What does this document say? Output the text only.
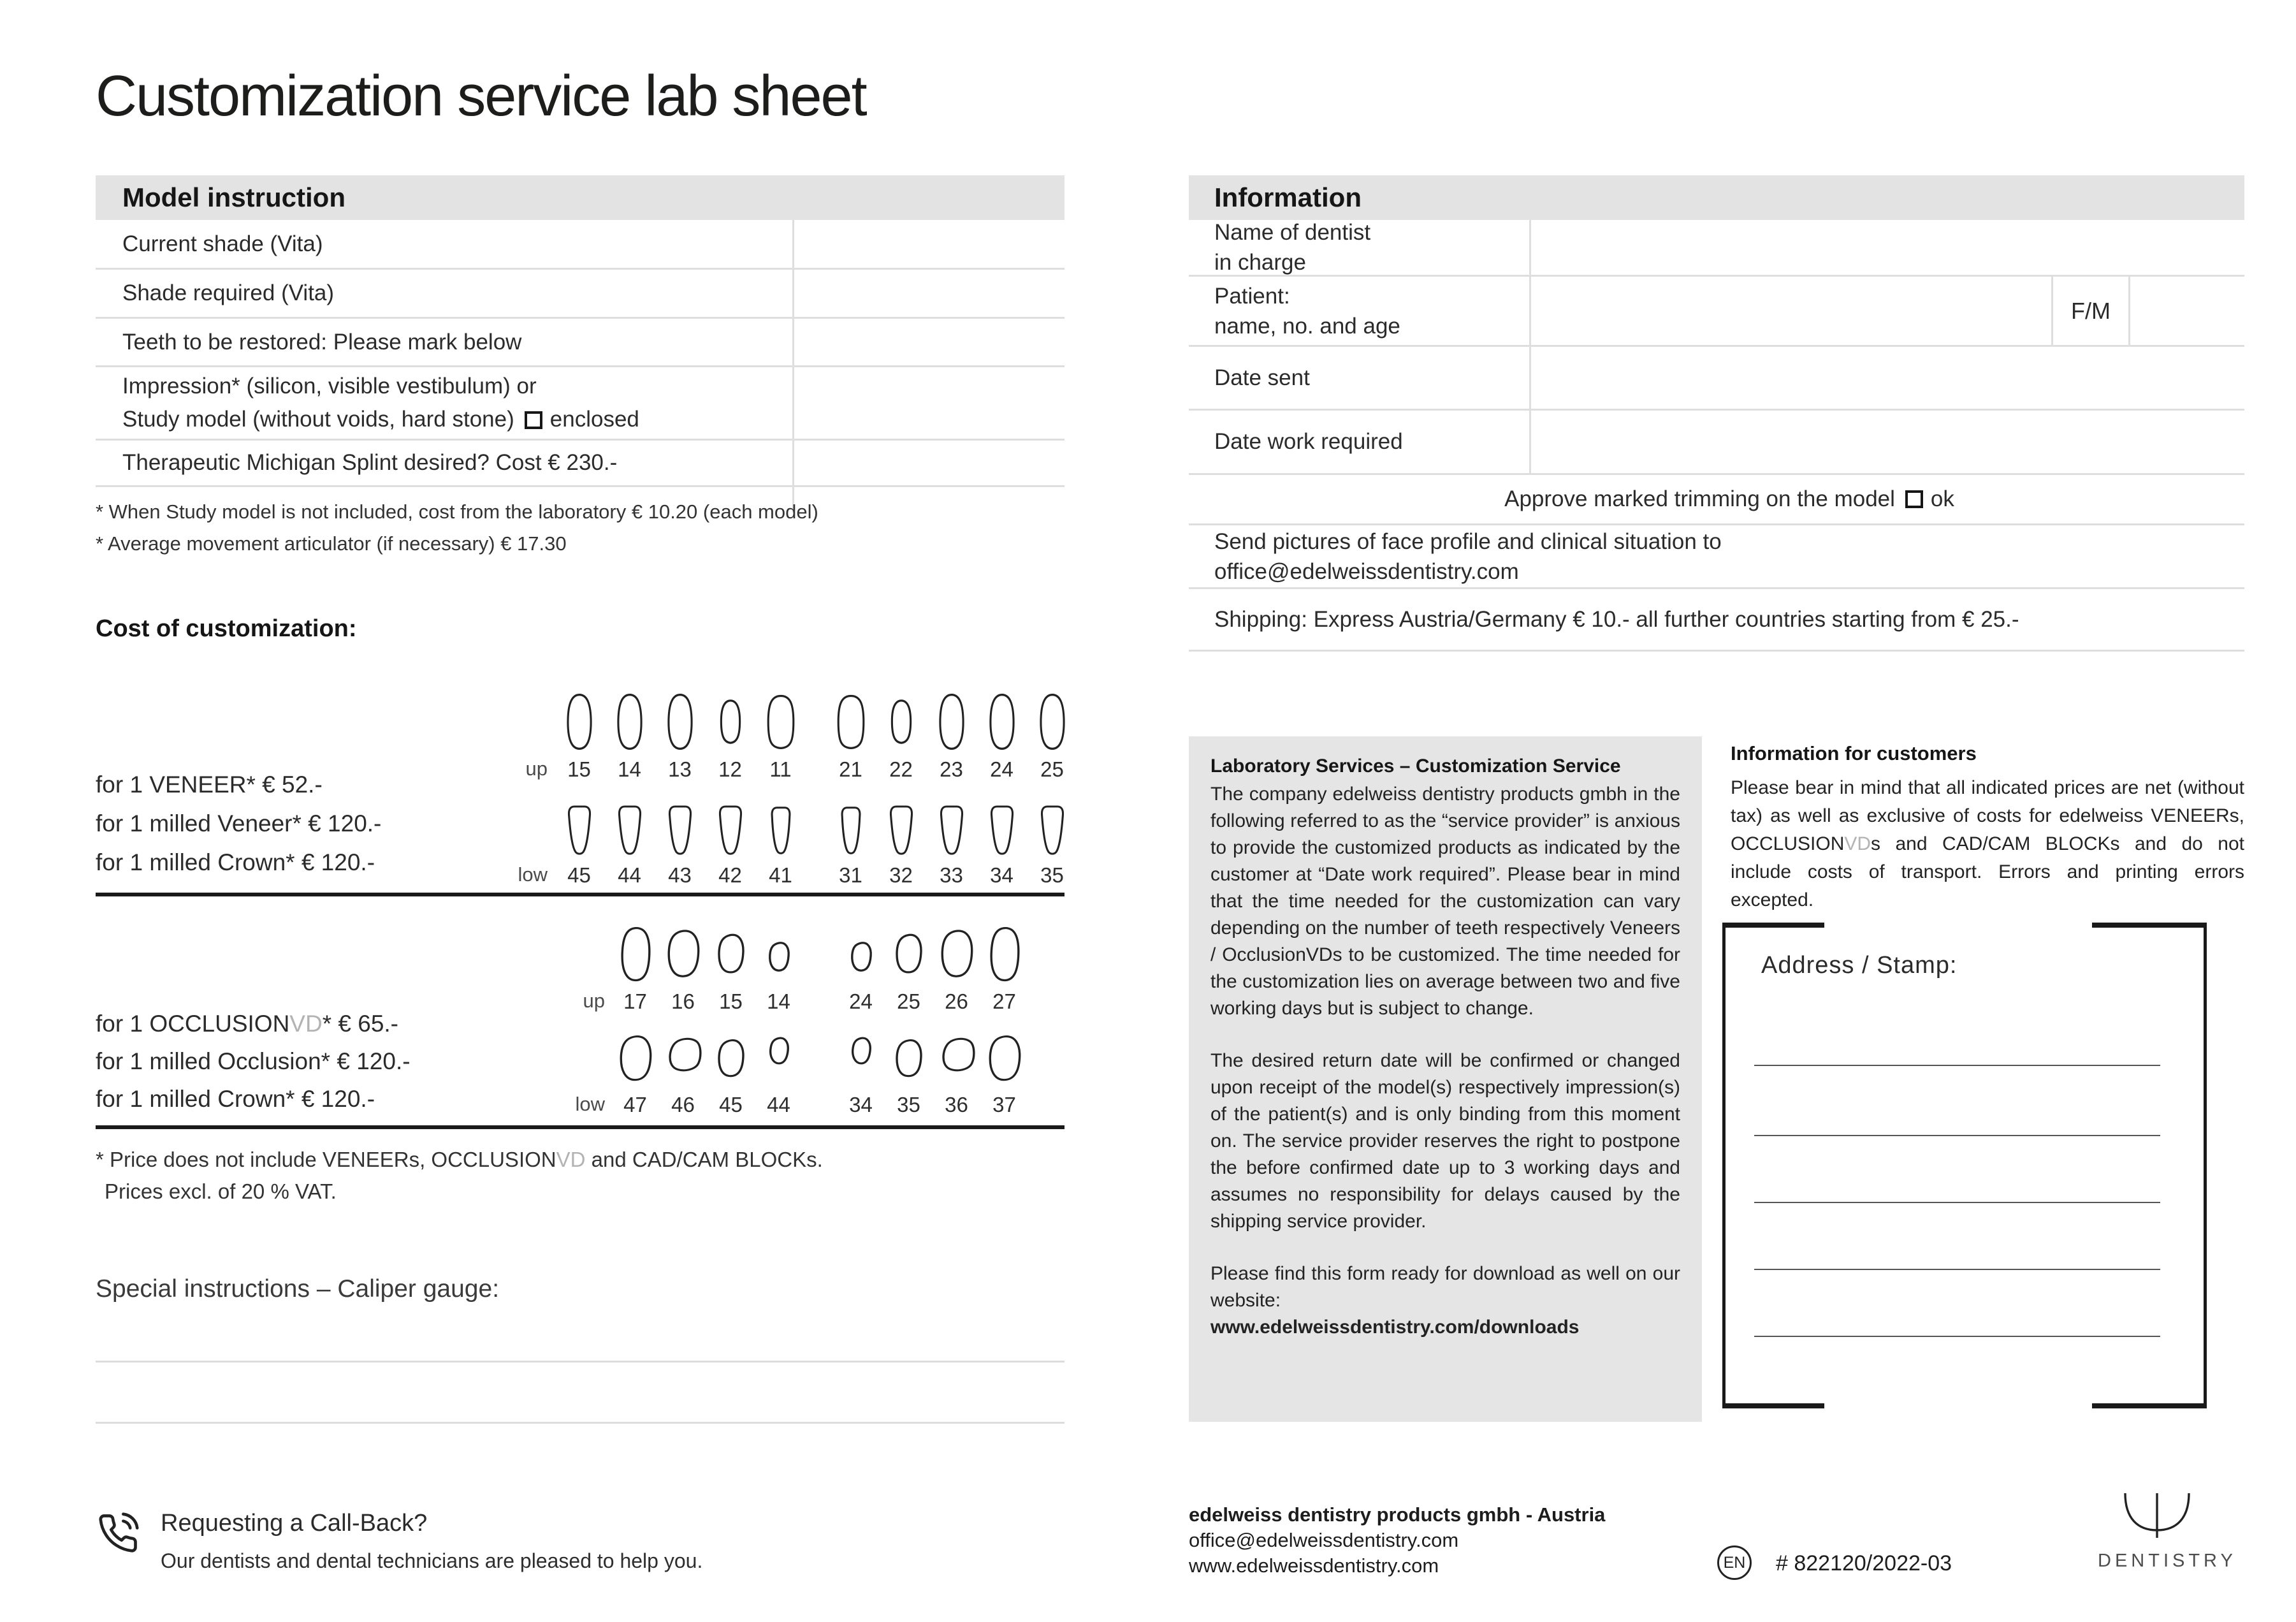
Customization service lab sheet
Model instruction
Current shade (Vita)
Shade required (Vita)
Teeth to be restored: Please mark below
Impression* (silicon, visible vestibulum) or
Study model (without voids, hard stone) enclosed
Therapeutic Michigan Splint desired? Cost € 230.-
* When Study model is not included, cost from the laboratory € 10.20 (each model)
* Average movement articulator (if necessary) € 17.30
Cost of customization:
up 15 14 13 12 11 21 22 23 24 25
low 45 44 43 42 41 31 32 33 34 35
for 1 VENEER* € 52.-
for 1 milled Veneer* € 120.-
for 1 milled Crown* € 120.-
up 17 16 15 14	24 25 26 27
low 47 46 45 44	34 35 36 37
for 1 OCCLUSION VD * € 65.-
for 1 milled Occlusion* € 120.-
for 1 milled Crown* € 120.-
* Price does not include VENEERs, OCCLUSIONVD and CAD/CAM BLOCKs.
Prices excl. of 20 % VAT.
Special instructions – Caliper gauge:
Requesting a Call-Back?
Our dentists and dental technicians are pleased to help you.
Information
Name of dentist
in charge
Patient:
name, no. and age
F/M
Date sent
Date work required
Approve marked trimming on the model ok
Send pictures of face profile and clinical situation to
office@edelweissdentistry.com
Shipping: Express Austria/Germany € 10.- all further countries starting from € 25.-
Laboratory Services – Customization Service

The company edelweiss dentistry products gmbh in the following referred to as the “service provider” is anxious to provide the customized products as indicated by the customer at “Date work required”. Please bear in mind that the time needed for the customization can vary depending on the number of teeth respectively Veneers / OcclusionVDs to be customized. The time needed for the customization lies on average between two and five working days but is subject to change.

The desired return date will be confirmed or changed upon receipt of the model(s) respectively impression(s) of the patient(s) and is only binding from this moment on. The service provider reserves the right to postpone the before confirmed date up to 3 working days and assumes no responsibility for delays caused by the shipping service provider.

Please find this form ready for download as well on our website:
www.edelweissdentistry.com/downloads

Information for customers

Please bear in mind that all indicated prices are net (without tax) as well as exclusive of costs for edelweiss VENEERs, OCCLUSIONVDs and CAD/CAM BLOCKs and do not include costs of transport. Errors and printing errors excepted.

Address / Stamp:
edelweiss dentistry products gmbh - Austria
office@edelweissdentistry.com
www.edelweissdentistry.com	EN # 822120/2022-03	DENTISTRY
